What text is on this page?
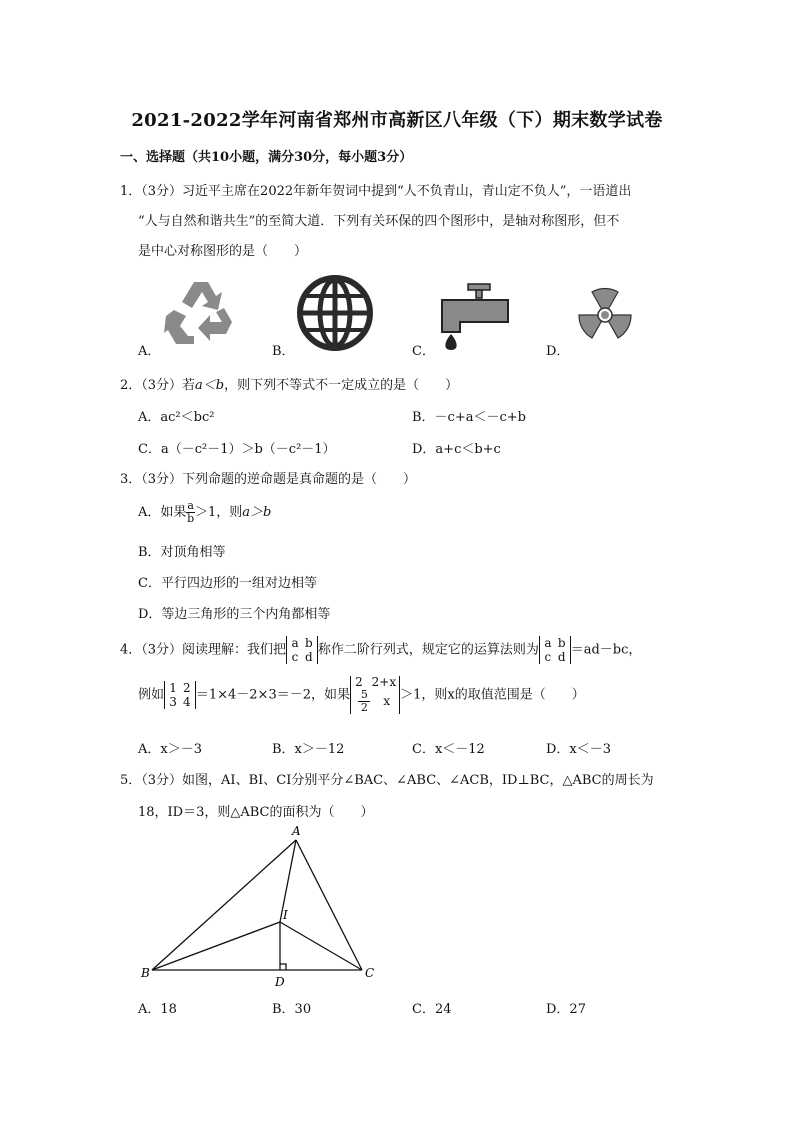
2021-2022学年河南省郑州市高新区八年级（下）期末数学试卷
一、选择题（共10小题，满分30分，每小题3分）
1．（3分）习近平主席在2022年新年贺词中提到“人不负青山，青山定不负人”，一语道出
“人与自然和谐共生”的至简大道．下列有关环保的四个图形中，是轴对称图形，但不
是中心对称图形的是（　　）
A．	B．	C．	D．
2．（3分）若a＜b，则下列不等式不一定成立的是（　　）
A．ac²＜bc²	B．－c+a＜－c+b
C．a（－c²－1）＞b（－c²－1）	D．a+c＜b+c
3．（3分）下列命题的逆命题是真命题的是（　　）
A．如果 $\frac{a}{b} >1$，则a＞b
B．对顶角相等
C．平行四边形的一组对边相等
D．等边三角形的三个内角都相等
4．（3分）阅读理解：我们把 a b
c d 称作二阶行列式，规定它的运算法则为 a b
c d ＝ad－bc，
例如 1 2
3 4 ＝1×4－2×3＝－2，如果2 2+x

$\frac{5}{2}$ x ＞1，则x的取值范围是（　　）
A．x＞－3	B．x＞－12	C．x＜－12	D．x＜－3
5．（3分）如图，AI、BI、CI分别平分∠BAC、∠ABC、∠ACB，ID⊥BC，△ABC的周长为
18，ID＝3，则△ABC的面积为（　　）
A
B	C
I
D
A．18	B．30	C．24	D．27
